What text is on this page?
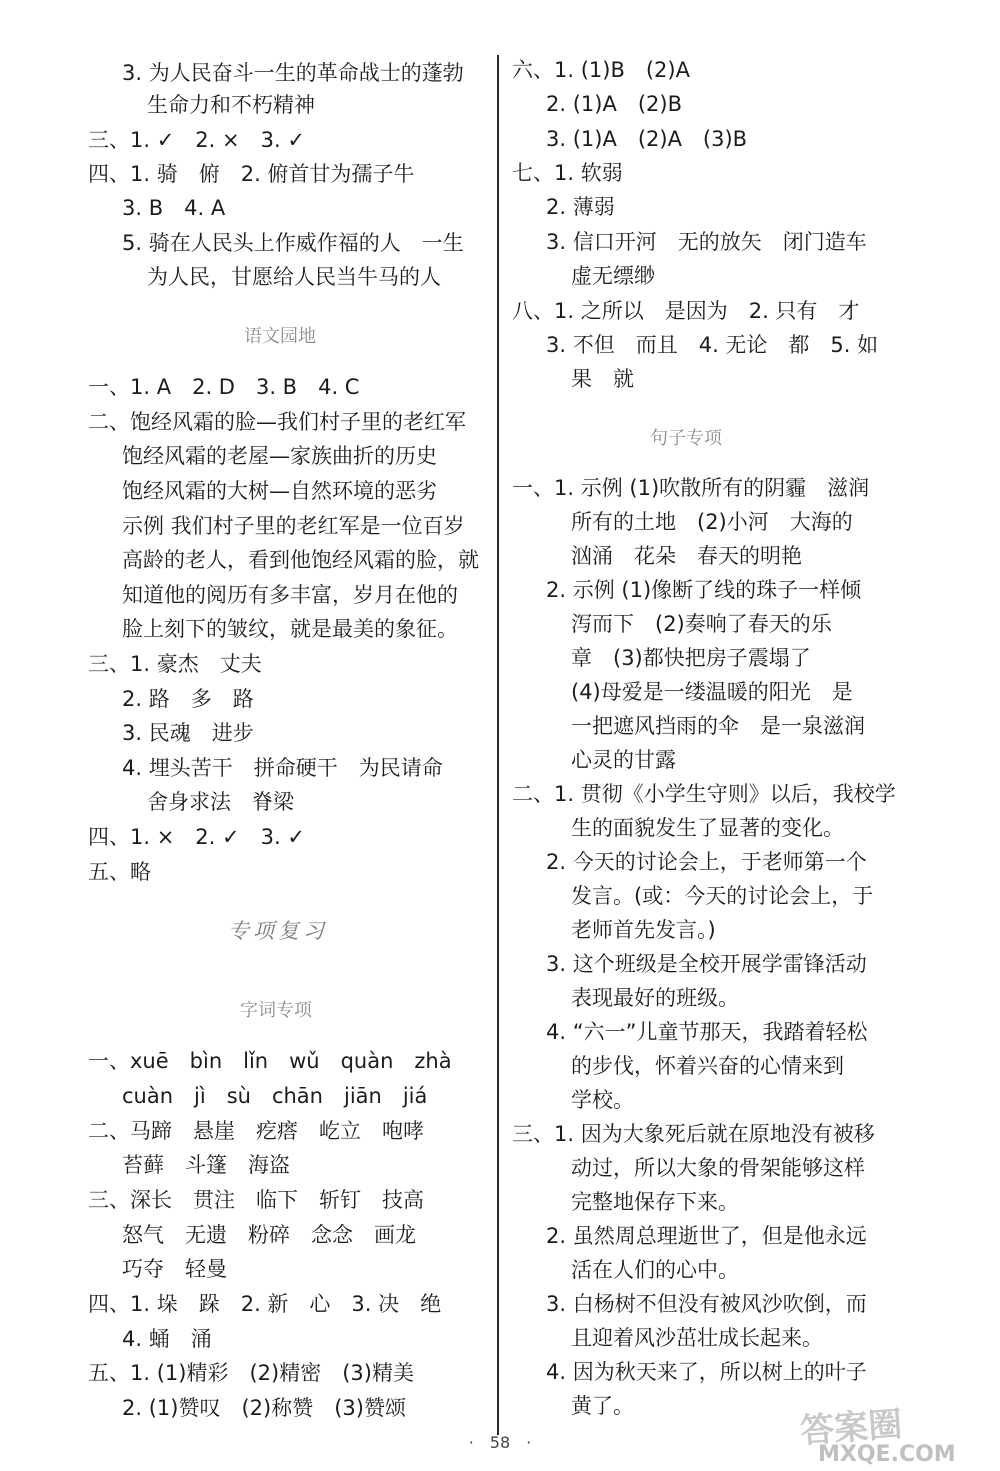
3. 为人民奋斗一生的革命战士的蓬勃
生命力和不朽精神
三、1. ✓　2. ×　3. ✓
四、1. 骑　俯　2. 俯首甘为孺子牛
3. B　4. A
5. 骑在人民头上作威作福的人　一生
为人民，甘愿给人民当牛马的人
语文园地
一、1. A　2. D　3. B　4. C
二、饱经风霜的脸—我们村子里的老红军
饱经风霜的老屋—家族曲折的历史
饱经风霜的大树—自然环境的恶劣
示例 我们村子里的老红军是一位百岁
高龄的老人，看到他饱经风霜的脸，就
知道他的阅历有多丰富，岁月在他的
脸上刻下的皱纹，就是最美的象征。
三、1. 豪杰　丈夫
2. 路　多　路
3. 民魂　进步
4. 埋头苦干　拼命硬干　为民请命
舍身求法　脊梁
四、1. ×　2. ✓　3. ✓
五、略
专项复习
字词专项
一、xuē　bìn　lǐn　wǔ　quàn　zhà
cuàn　jì　sù　chān　jiān　jiá
二、马蹄　悬崖　疙瘩　屹立　咆哮
苔藓　斗篷　海盗
三、深长　贯注　临下　斩钉　技高
怒气　无遗　粉碎　念念　画龙
巧夺　轻曼
四、1. 垛　跺　2. 新　心　3. 决　绝
4. 蛹　涌
五、1. (1)精彩　(2)精密　(3)精美
2. (1)赞叹　(2)称赞　(3)赞颂
六、1. (1)B　(2)A
2. (1)A　(2)B
3. (1)A　(2)A　(3)B
七、1. 软弱
2. 薄弱
3. 信口开河　无的放矢　闭门造车
虚无缥缈
八、1. 之所以　是因为　2. 只有　才
3. 不但　而且　4. 无论　都　5. 如
果　就
句子专项
一、1. 示例 (1)吹散所有的阴霾　滋润
所有的土地　(2)小河　大海的
汹涌　花朵　春天的明艳
2. 示例 (1)像断了线的珠子一样倾
泻而下　(2)奏响了春天的乐
章　(3)都快把房子震塌了
(4)母爱是一缕温暖的阳光　是
一把遮风挡雨的伞　是一泉滋润
心灵的甘露
二、1. 贯彻《小学生守则》以后，我校学
生的面貌发生了显著的变化。
2. 今天的讨论会上，于老师第一个
发言。(或：今天的讨论会上，于
老师首先发言。)
3. 这个班级是全校开展学雷锋活动
表现最好的班级。
4. “六一”儿童节那天，我踏着轻松
的步伐，怀着兴奋的心情来到
学校。
三、1. 因为大象死后就在原地没有被移
动过，所以大象的骨架能够这样
完整地保存下来。
2. 虽然周总理逝世了，但是他永远
活在人们的心中。
3. 白杨树不但没有被风沙吹倒，而
且迎着风沙茁壮成长起来。
4. 因为秋天来了，所以树上的叶子
黄了。
·　58　·	答案圈
MXQE.COM
